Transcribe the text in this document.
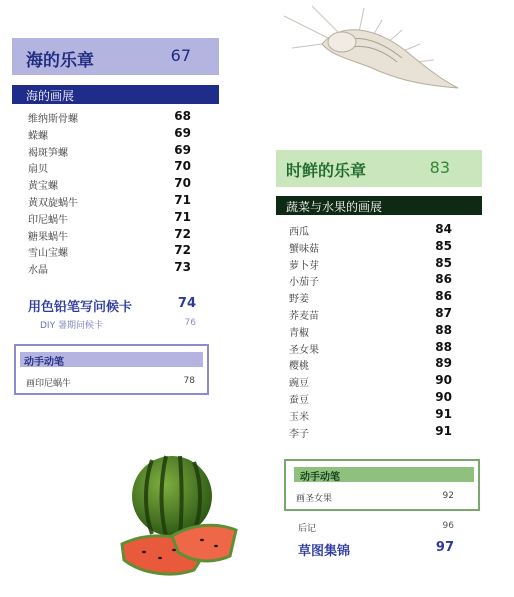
海的乐章	67
海的画展
维纳斯骨螺	68
蝾螺	69
褐斑笋螺	69
扇贝	70
黄宝螺	70
黄双旋蜗牛	71
印尼蜗牛	71
糖果蜗牛	72
雪山宝螺	72
水晶	73
用色铅笔写问候卡	74
DIY 暑期问候卡	76
动手动笔
画印尼蜗牛	78
时鲜的乐章	83
蔬菜与水果的画展
西瓜	84
蟹味菇	85
萝卜芽	85
小茄子	86
野姜	86
荞麦苗	87
青椒	88
圣女果	88
樱桃	89
豌豆	90
蚕豆	90
玉米	91
李子	91
动手动笔
画圣女果	92
后记	96
草图集锦	97
